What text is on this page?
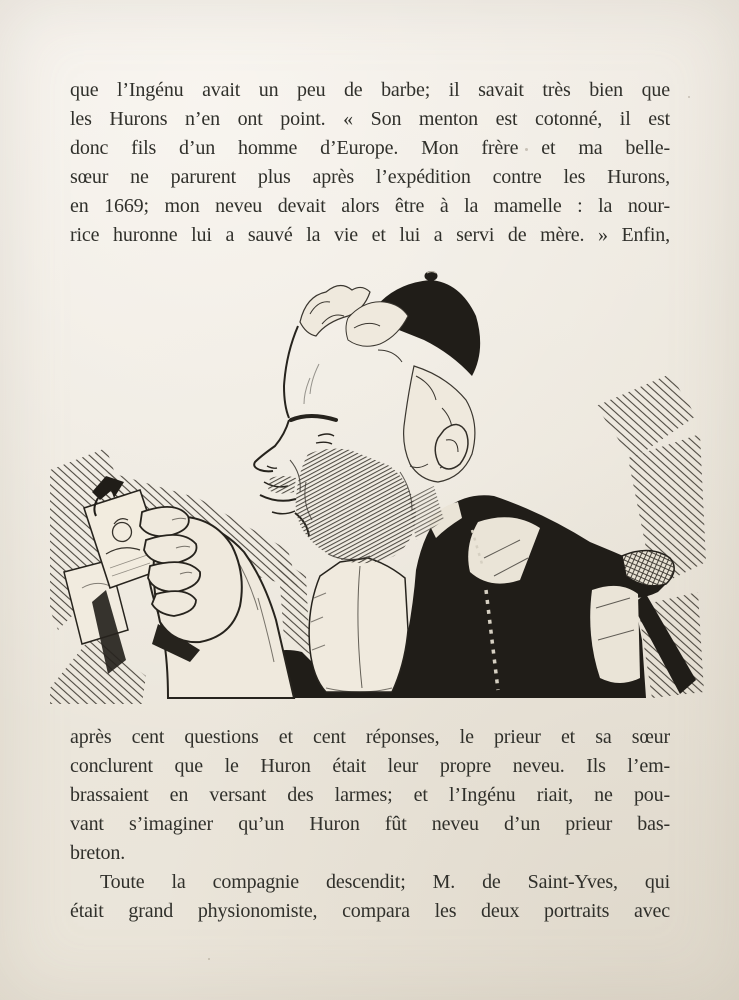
que l’Ingénu avait un peu de barbe; il savait très bien que
les Hurons n’en ont point. « Son menton est cotonné, il est
donc fils d’un homme d’Europe. Mon frère et ma belle-
sœur ne parurent plus après l’expédition contre les Hurons,
en 1669; mon neveu devait alors être à la mamelle : la nour-
rice huronne lui a sauvé la vie et lui a servi de mère. » Enfin,
après cent questions et cent réponses, le prieur et sa sœur
conclurent que le Huron était leur propre neveu. Ils l’em-
brassaient en versant des larmes; et l’Ingénu riait, ne pou-
vant s’imaginer qu’un Huron fût neveu d’un prieur bas-
breton.
Toute la compagnie descendit; M. de Saint-Yves, qui
était grand physionomiste, compara les deux portraits avec
